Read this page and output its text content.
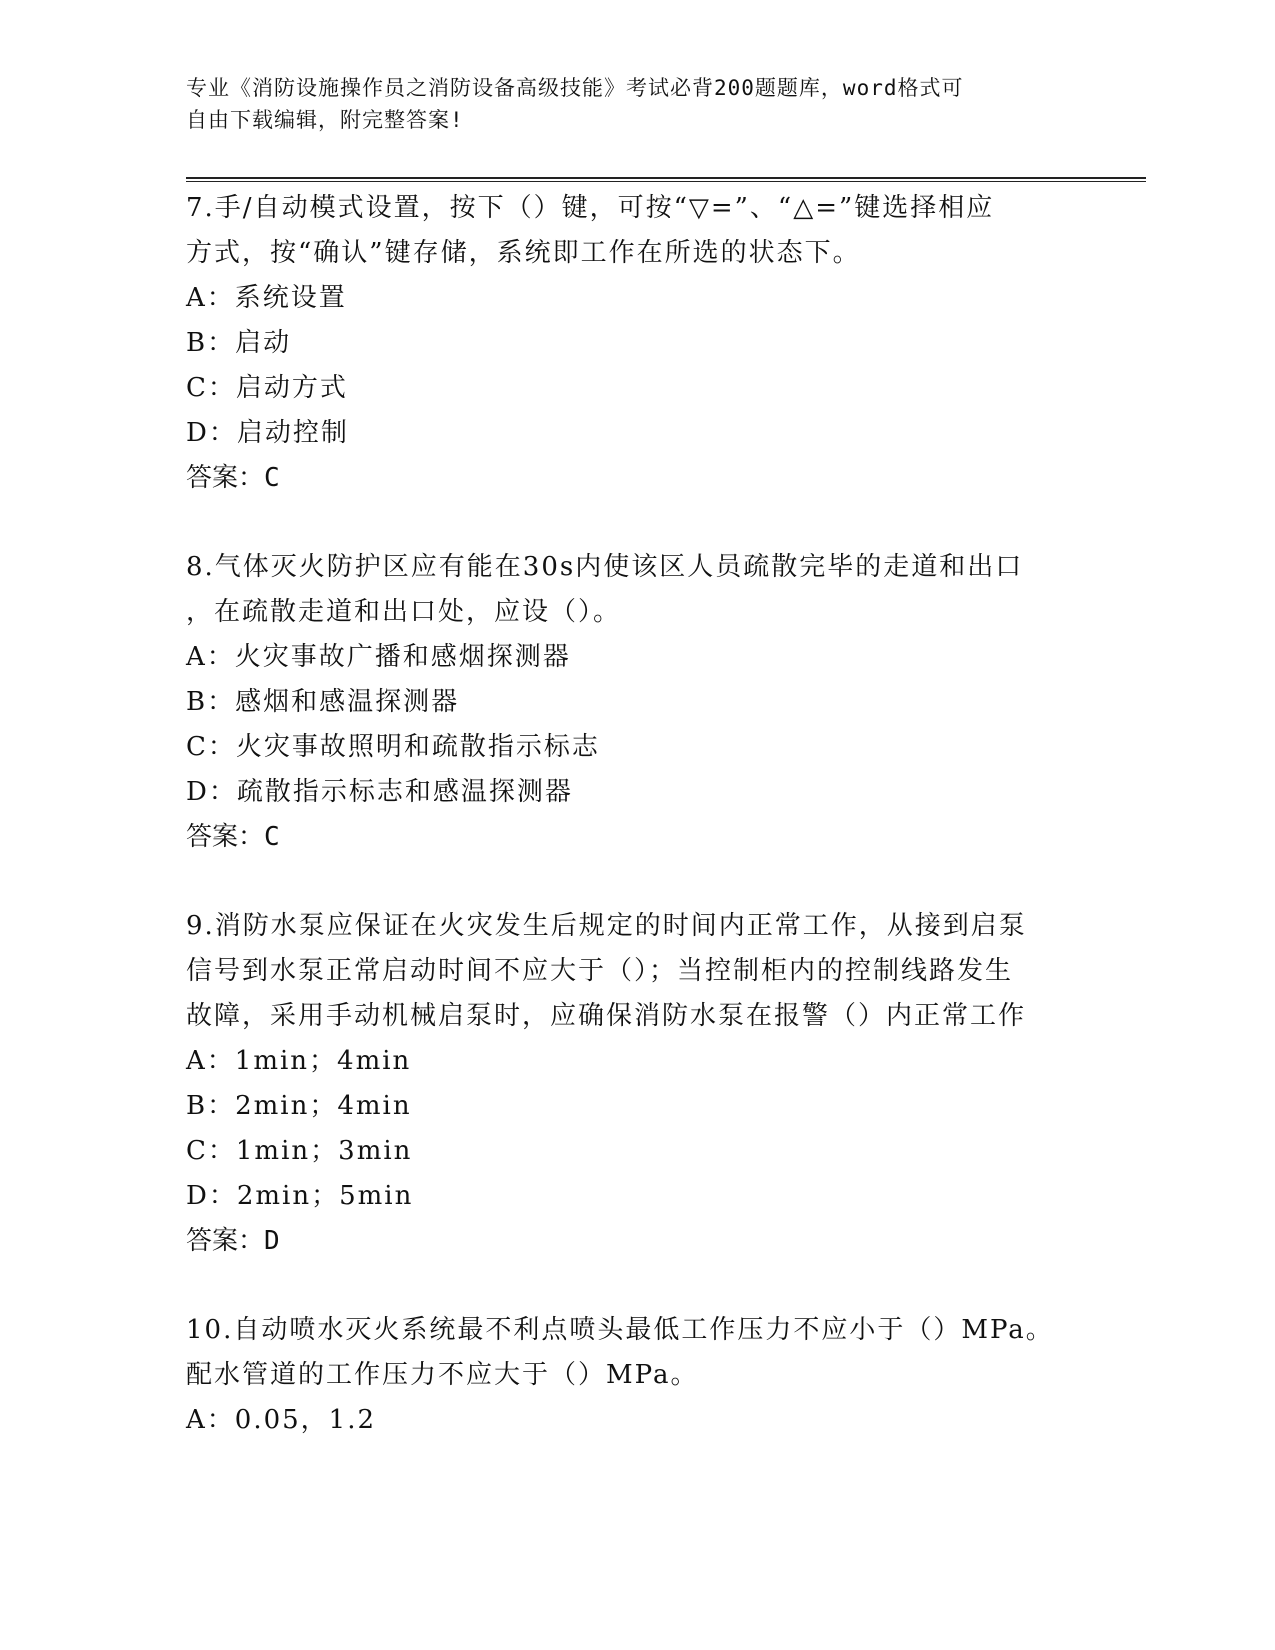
专业《消防设施操作员之消防设备高级技能》考试必背200题题库，word格式可
自由下载编辑，附完整答案!

7.手/自动模式设置，按下（）键，可按“▽=”、“△=”键选择相应

方式，按“确认”键存储，系统即工作在所选的状态下。

A：系统设置

B：启动

C：启动方式

D：启动控制

答案：C

8.气体灭火防护区应有能在30s内使该区人员疏散完毕的走道和出口

，在疏散走道和出口处，应设（）。

A：火灾事故广播和感烟探测器

B：感烟和感温探测器

C：火灾事故照明和疏散指示标志

D：疏散指示标志和感温探测器

答案：C

9.消防水泵应保证在火灾发生后规定的时间内正常工作，从接到启泵

信号到水泵正常启动时间不应大于（）；当控制柜内的控制线路发生

故障，采用手动机械启泵时，应确保消防水泵在报警（）内正常工作

A：1min；4min

B：2min；4min

C：1min；3min

D：2min；5min

答案：D

10.自动喷水灭火系统最不利点喷头最低工作压力不应小于（）MPa。

配水管道的工作压力不应大于（）MPa。

A：0.05，1.2
